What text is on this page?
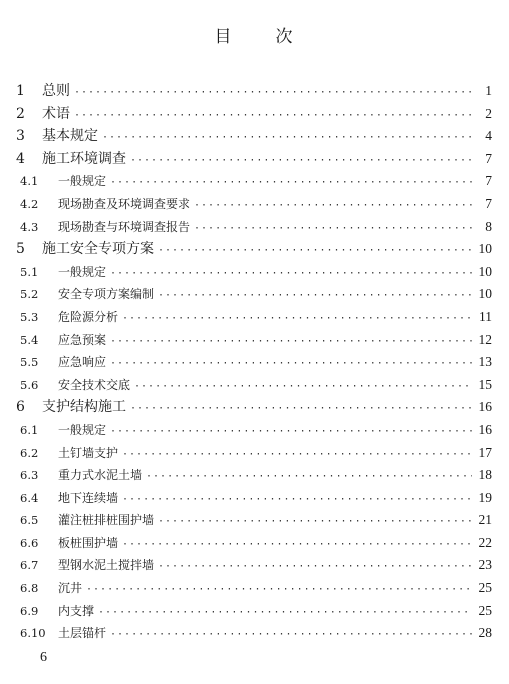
目 次
1	总则 ·····	1
2	术语 ·····	2
3	基本规定 ·····	4
4	施工环境调查 ·····	7
4.1	一般规定 ·····	7
4.2	现场勘查及环境调查要求 ·····	7
4.3	现场勘查与环境调查报告 ·····	8
5	施工安全专项方案 ·····	10
5.1	一般规定 ·····	10
5.2	安全专项方案编制 ·····	10
5.3	危险源分析 ·····	11
5.4	应急预案 ·····	12
5.5	应急响应 ·····	13
5.6	安全技术交底 ·····	15
6	支护结构施工 ·····	16
6.1	一般规定 ·····	16
6.2	土钉墙支护 ·····	17
6.3	重力式水泥土墙 ·····	18
6.4	地下连续墙 ·····	19
6.5	灌注桩排桩围护墙 ·····	21
6.6	板桩围护墙 ·····	22
6.7	型钢水泥土搅拌墙 ·····	23
6.8	沉井 ·····	25
6.9	内支撑 ·····	25
6.10	土层锚杆 ·····	28
6
